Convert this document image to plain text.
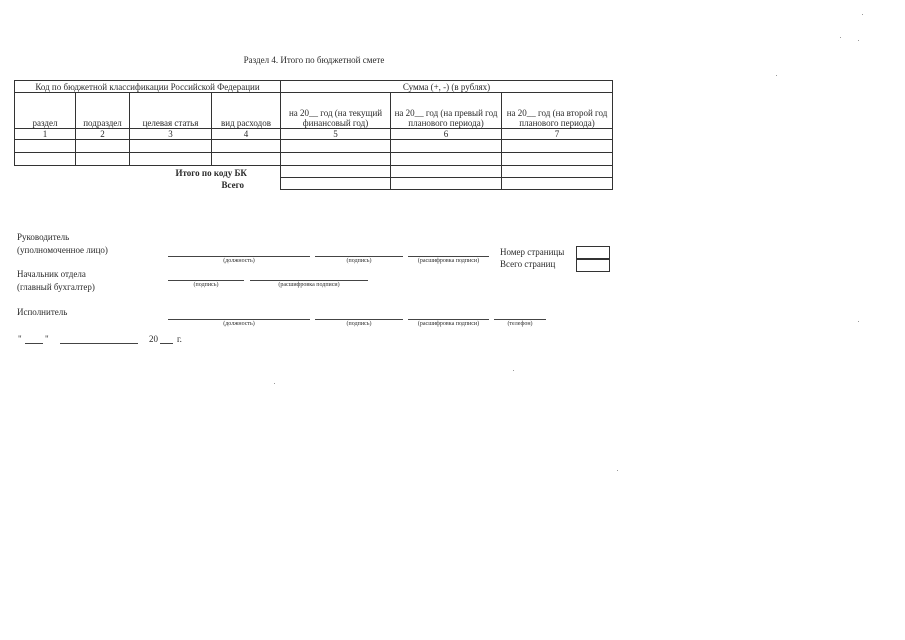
Раздел 4. Итого по бюджетной смете
Код по бюджетной классификации Российской Федерации				Сумма (+, -) (в рублях)		
раздел	подраздел	целевая статья	вид расходов	на 20__ год (на текущий финансовый год)	на 20__ год (на превый год планового периода)	на 20__ год (на второй год планового периода)
1	2	3	4	5	6	7

		Итого по коду БК				
		Всего				
Руководитель
(уполномоченное лицо)
(должность)	(подпись)	(расшифровка подписи)
Номер страницы
Всего страниц
Начальник отдела
(главный бухгалтер)	(подпись)	(расшифровка подписи)
Исполнитель
(должность)	(подпись)	(расшифровка подписи)	(телефон)
"	"	20 г.
